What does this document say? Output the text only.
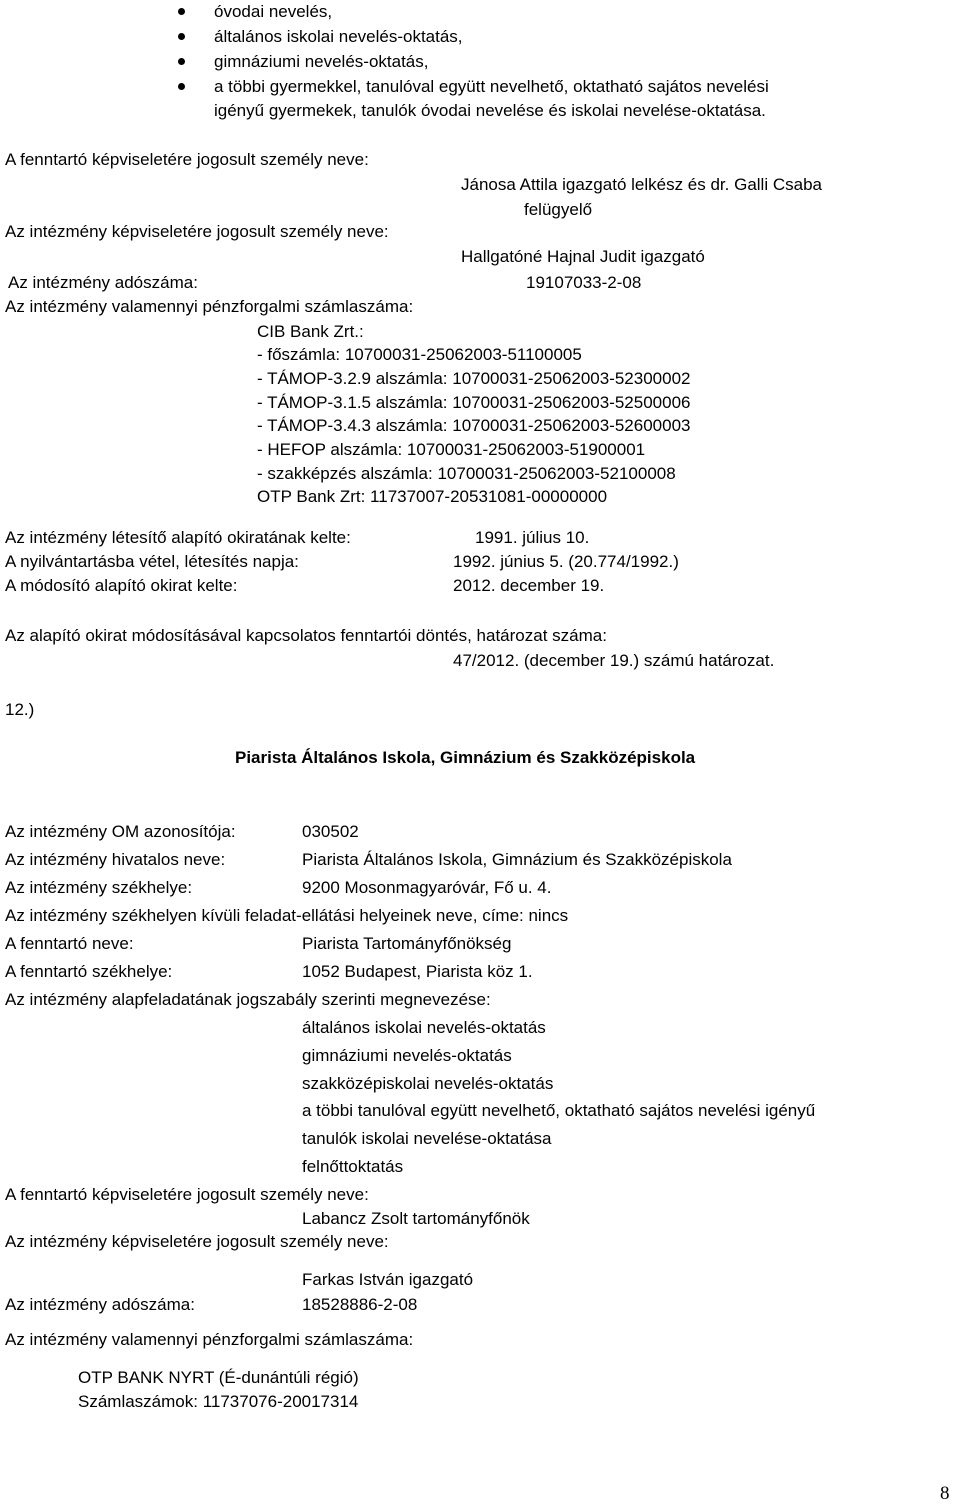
óvodai nevelés,
általános iskolai nevelés-oktatás,
gimnáziumi nevelés-oktatás,
a többi gyermekkel, tanulóval együtt nevelhető, oktatható sajátos nevelési
igényű gyermekek, tanulók óvodai nevelése és iskolai nevelése-oktatása.
A fenntartó képviseletére jogosult személy neve:
Jánosa Attila igazgató lelkész és dr. Galli Csaba
felügyelő
Az intézmény képviseletére jogosult személy neve:
Hallgatóné Hajnal Judit igazgató
Az intézmény adószáma:	19107033-2-08
Az intézmény valamennyi pénzforgalmi számlaszáma:
CIB Bank Zrt.:
- főszámla: 10700031-25062003-51100005
- TÁMOP-3.2.9 alszámla: 10700031-25062003-52300002
- TÁMOP-3.1.5 alszámla: 10700031-25062003-52500006
- TÁMOP-3.4.3 alszámla: 10700031-25062003-52600003
- HEFOP alszámla: 10700031-25062003-51900001
- szakképzés alszámla: 10700031-25062003-52100008
OTP Bank Zrt: 11737007-20531081-00000000
Az intézmény létesítő alapító okiratának kelte:	1991. július 10.
A nyilvántartásba vétel, létesítés napja:	1992. június 5. (20.774/1992.)
A módosító alapító okirat kelte:	2012. december 19.
Az alapító okirat módosításával kapcsolatos fenntartói döntés, határozat száma:
47/2012. (december 19.) számú határozat.
12.)
Piarista Általános Iskola, Gimnázium és Szakközépiskola
Az intézmény OM azonosítója:	030502
Az intézmény hivatalos neve:	Piarista Általános Iskola, Gimnázium és Szakközépiskola
Az intézmény székhelye:	9200 Mosonmagyaróvár, Fő u. 4.
Az intézmény székhelyen kívüli feladat-ellátási helyeinek neve, címe: nincs
A fenntartó neve:	Piarista Tartományfőnökség
A fenntartó székhelye:	1052 Budapest, Piarista köz 1.
Az intézmény alapfeladatának jogszabály szerinti megnevezése:
általános iskolai nevelés-oktatás
gimnáziumi nevelés-oktatás
szakközépiskolai nevelés-oktatás
a többi tanulóval együtt nevelhető, oktatható sajátos nevelési igényű
tanulók iskolai nevelése-oktatása
felnőttoktatás
A fenntartó képviseletére jogosult személy neve:
Labancz Zsolt tartományfőnök
Az intézmény képviseletére jogosult személy neve:
Farkas István igazgató
Az intézmény adószáma:	18528886-2-08
Az intézmény valamennyi pénzforgalmi számlaszáma:
OTP BANK NYRT (É-dunántúli régió)
Számlaszámok: 11737076-20017314
8
